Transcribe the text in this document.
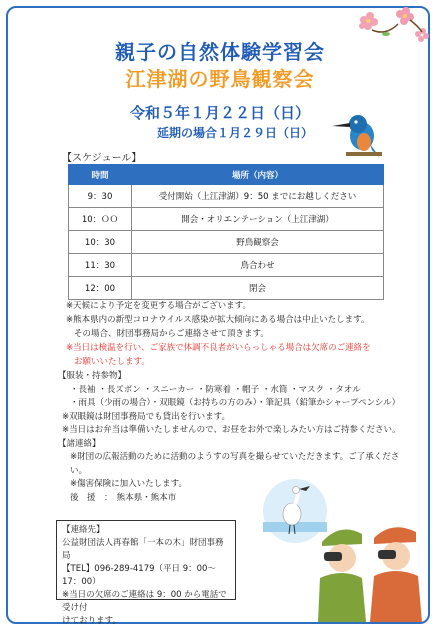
親子の自然体験学習会
江津湖の野鳥観察会
令和５年１月２２日（日）
延期の場合１月２９日（日）
【スケジュール】
時間	場所（内容）
9：30	受付開始（上江津湖）9：50 までにお越しください
10：ＯＯ	開会・オリエンテーション（上江津湖）
10：30	野鳥観察会
11：30	鳥合わせ
12：00	閉会
※天候により予定を変更する場合がございます。
※熊本県内の新型コロナウイルス感染が拡大傾向にある場合は中止いたします。
その場合、財団事務局からご連絡させて頂きます。
※当日は検温を行い、ご家族で体調不良者がいらっしゃる場合は欠席のご連絡を
お願いいたします。
【服装・持参物】
・長袖 ・長ズボン ・スニーカー ・防寒着 ・帽子 ・水筒 ・マスク ・タオル
・雨具（少雨の場合）・双眼鏡（お持ちの方のみ）・筆記具（鉛筆かシャープペンシル）
※双眼鏡は財団事務局でも貸出を行います。
※当日はお弁当は準備いたしませんので、お昼をお外で楽しみたい方はご持参ください。
【諸連絡】
※財団の広報活動のために活動のようすの写真を撮らせていただきます。ご了承くださ
い。
※傷害保険に加入いたします。
後　援　：　熊本県・熊本市
【連絡先】
公益財団法人再春館「一本の木」財団事務局
【TEL】096-289-4179（平日 9：00～17：00）
※当日の欠席のご連絡は 9：00 から電話で受け付
けております。
